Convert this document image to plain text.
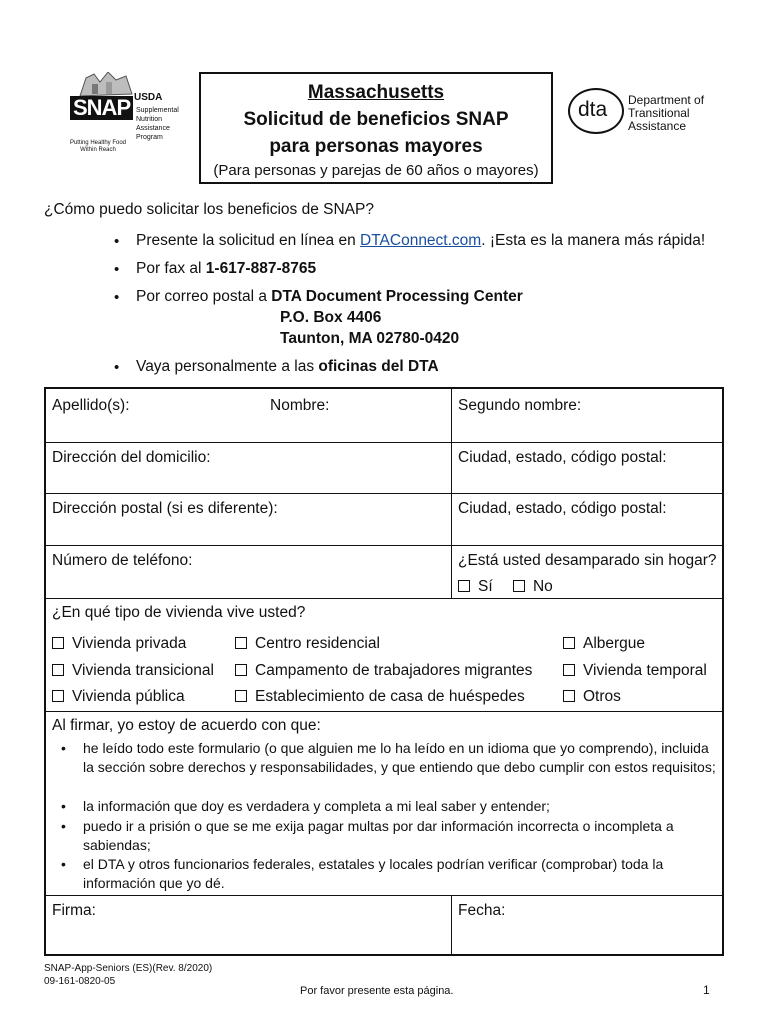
SNAP USDA
Supplemental
Nutrition
Assistance
Program
Putting Healthy Food Within Reach
Massachusetts
Solicitud de beneficios SNAP
para personas mayores
(Para personas y parejas de 60 años o mayores)
dta Department of
Transitional
Assistance
¿Cómo puedo solicitar los beneficios de SNAP?
• Presente la solicitud en línea en DTAConnect.com. ¡Esta es la manera más rápida!
• Por fax al 1-617-887-8765
• Por correo postal a DTA Document Processing Center
P.O. Box 4406
Taunton, MA 02780-0420
• Vaya personalmente a las oficinas del DTA
Apellido(s):	Nombre:	Segundo nombre:
Dirección del domicilio:	Ciudad, estado, código postal:
Dirección postal (si es diferente):	Ciudad, estado, código postal:
Número de teléfono:	¿Está usted desamparado sin hogar?
Sí	No
¿En qué tipo de vivienda vive usted?
Vivienda privada	Centro residencial	Albergue
Vivienda transicional	Campamento de trabajadores migrantes	Vivienda temporal
Vivienda pública	Establecimiento de casa de huéspedes	Otros
Al firmar, yo estoy de acuerdo con que:
• he leído todo este formulario (o que alguien me lo ha leído en un idioma que yo comprendo), incluida la sección sobre derechos y responsabilidades, y que entiendo que debo cumplir con estos requisitos;
• la información que doy es verdadera y completa a mi leal saber y entender;
• puedo ir a prisión o que se me exija pagar multas por dar información incorrecta o incompleta a sabiendas;
• el DTA y otros funcionarios federales, estatales y locales podrían verificar (comprobar) toda la información que yo dé.
Firma:	Fecha:
SNAP-App-Seniors (ES)(Rev. 8/2020)
09-161-0820-05
Por favor presente esta página.	1
